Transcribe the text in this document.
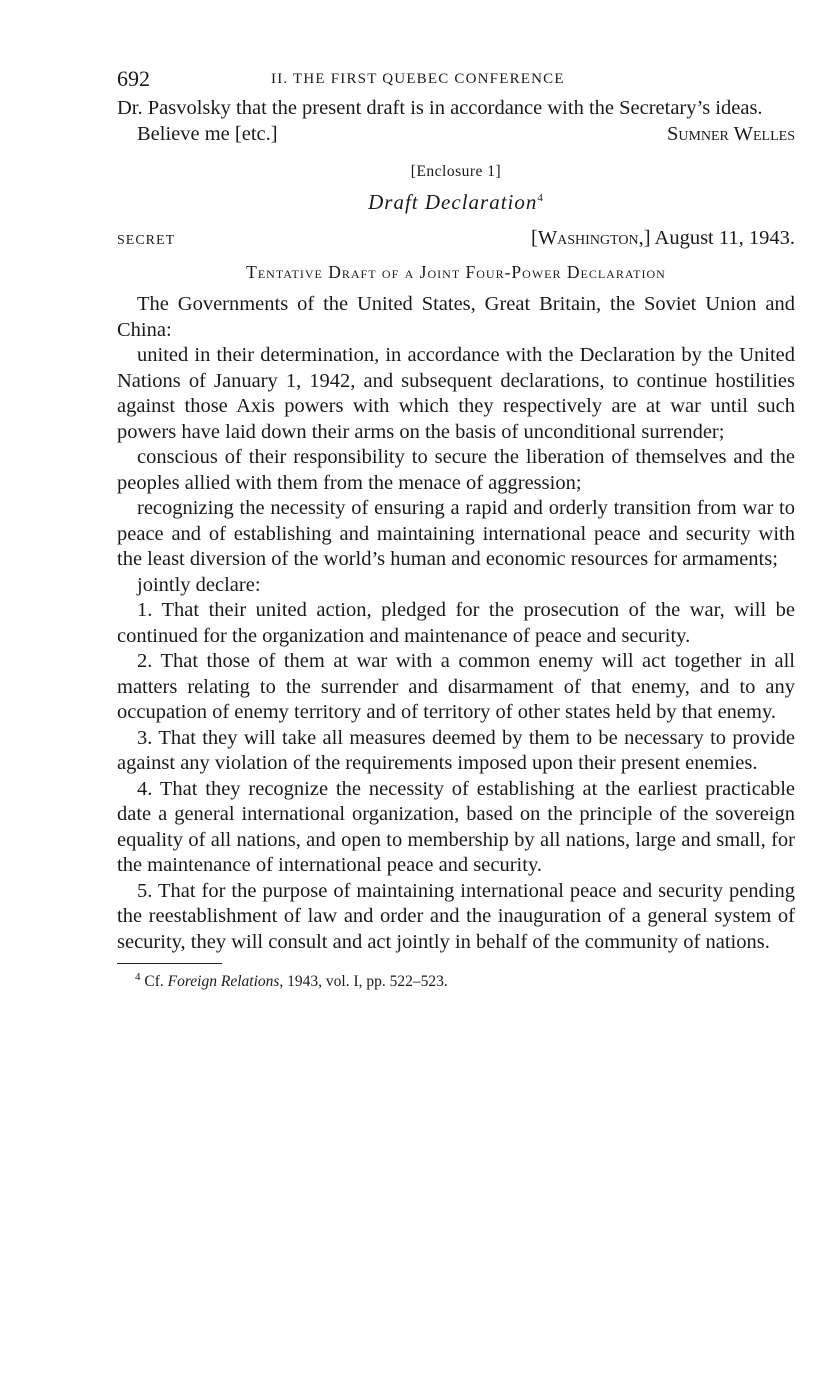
692	II. THE FIRST QUEBEC CONFERENCE

Dr. Pasvolsky that the present draft is in accordance with the Secretary’s ideas.

Believe me [etc.]	Sumner Welles
[Enclosure 1]
Draft Declaration$^4$
SECRET	[Washington,] August 11, 1943.
Tentative Draft of a Joint Four-Power Declaration

The Governments of the United States, Great Britain, the Soviet Union and China:

united in their determination, in accordance with the Declaration by the United Nations of January 1, 1942, and subsequent declarations, to continue hostilities against those Axis powers with which they respectively are at war until such powers have laid down their arms on the basis of unconditional surrender;

conscious of their responsibility to secure the liberation of themselves and the peoples allied with them from the menace of aggression;

recognizing the necessity of ensuring a rapid and orderly transition from war to peace and of establishing and maintaining international peace and security with the least diversion of the world’s human and economic resources for armaments;

jointly declare:

1. That their united action, pledged for the prosecution of the war, will be continued for the organization and maintenance of peace and security.

2. That those of them at war with a common enemy will act together in all matters relating to the surrender and disarmament of that enemy, and to any occupation of enemy territory and of territory of other states held by that enemy.

3. That they will take all measures deemed by them to be necessary to provide against any violation of the requirements imposed upon their present enemies.

4. That they recognize the necessity of establishing at the earliest practicable date a general international organization, based on the principle of the sovereign equality of all nations, and open to membership by all nations, large and small, for the maintenance of international peace and security.

5. That for the purpose of maintaining international peace and security pending the reestablishment of law and order and the inauguration of a general system of security, they will consult and act jointly in behalf of the community of nations.

$^4$ Cf. Foreign Relations, 1943, vol. I, pp. 522–523.
